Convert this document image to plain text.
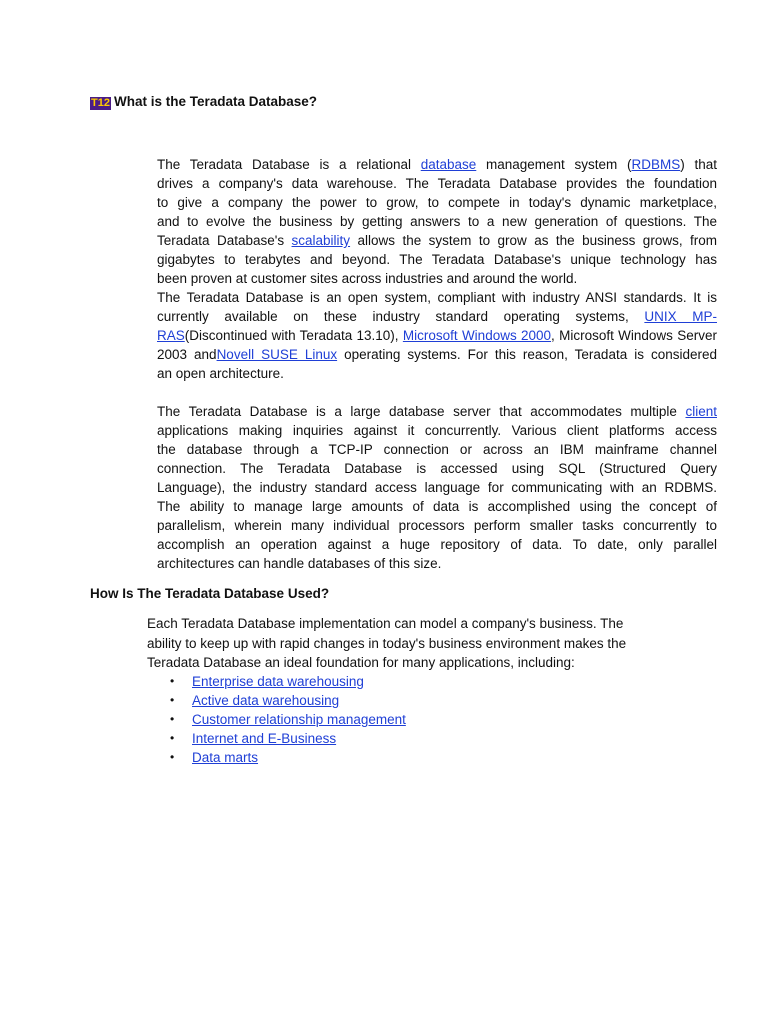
T12 What is the Teradata Database?
The Teradata Database is a relational database management system (RDBMS) that
drives a company's data warehouse. The Teradata Database provides the foundation
to give a company the power to grow, to compete in today's dynamic marketplace,
and to evolve the business by getting answers to a new generation of questions. The
Teradata Database's scalability allows the system to grow as the business grows, from
gigabytes to terabytes and beyond. The Teradata Database's unique technology has
been proven at customer sites across industries and around the world.
The Teradata Database is an open system, compliant with industry ANSI standards. It is
currently available on these industry standard operating systems, UNIX MP-
RAS(Discontinued with Teradata 13.10), Microsoft Windows 2000, Microsoft Windows Server
2003 andNovell SUSE Linux operating systems. For this reason, Teradata is considered
an open architecture.
The Teradata Database is a large database server that accommodates multiple client
applications making inquiries against it concurrently. Various client platforms access
the database through a TCP-IP connection or across an IBM mainframe channel
connection. The Teradata Database is accessed using SQL (Structured Query
Language), the industry standard access language for communicating with an RDBMS.
The ability to manage large amounts of data is accomplished using the concept of
parallelism, wherein many individual processors perform smaller tasks concurrently to
accomplish an operation against a huge repository of data. To date, only parallel
architectures can handle databases of this size.
How Is The Teradata Database Used?

Each Teradata Database implementation can model a company's business. The ability to keep up with rapid changes in today's business environment makes the Teradata Database an ideal foundation for many applications, including:

• Enterprise data warehousing
• Active data warehousing
• Customer relationship management
• Internet and E-Business
• Data marts
